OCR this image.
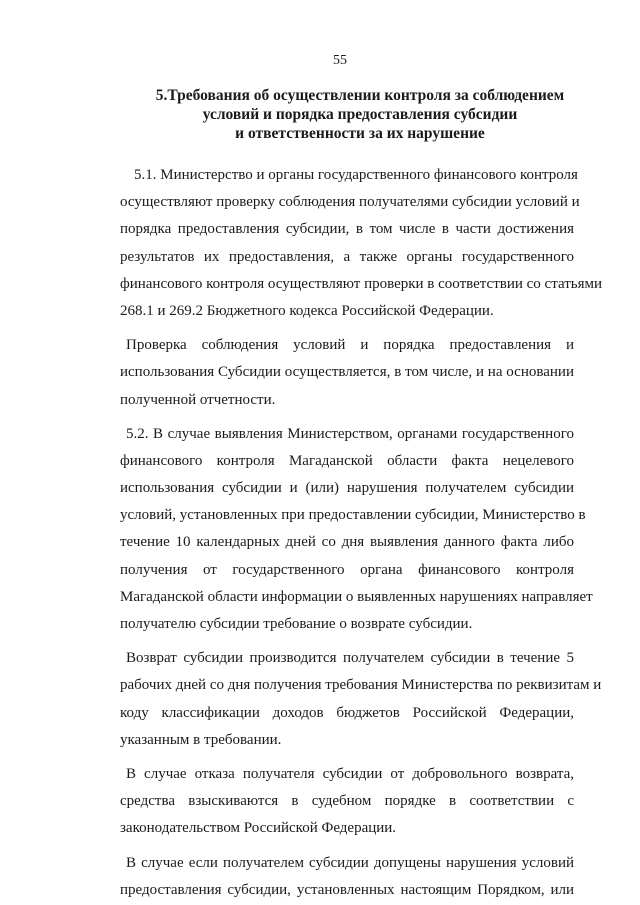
55
5.Требования об осуществлении контроля за соблюдением
условий и порядка предоставления субсидии
и ответственности за их нарушение

5.1. Министерство и органы государственного финансового контроля
осуществляют проверку соблюдения получателями субсидии условий и
порядка предоставления субсидии, в том числе в части достижения
результатов их предоставления, а также органы государственного
финансового контроля осуществляют проверки в соответствии со статьями
268.1 и 269.2 Бюджетного кодекса Российской Федерации.

Проверка соблюдения условий и порядка предоставления и
использования Субсидии осуществляется, в том числе, и на основании
полученной отчетности.

5.2. В случае выявления Министерством, органами государственного
финансового контроля Магаданской области факта нецелевого
использования субсидии и (или) нарушения получателем субсидии
условий, установленных при предоставлении субсидии, Министерство в
течение 10 календарных дней со дня выявления данного факта либо
получения от государственного органа финансового контроля
Магаданской области информации о выявленных нарушениях направляет
получателю субсидии требование о возврате субсидии.

Возврат субсидии производится получателем субсидии в течение 5
рабочих дней со дня получения требования Министерства по реквизитам и
коду классификации доходов бюджетов Российской Федерации,
указанным в требовании.

В случае отказа получателя субсидии от добровольного возврата,
средства взыскиваются в судебном порядке в соответствии с
законодательством Российской Федерации.

В случае если получателем субсидии допущены нарушения условий
предоставления субсидии, установленных настоящим Порядком, или
